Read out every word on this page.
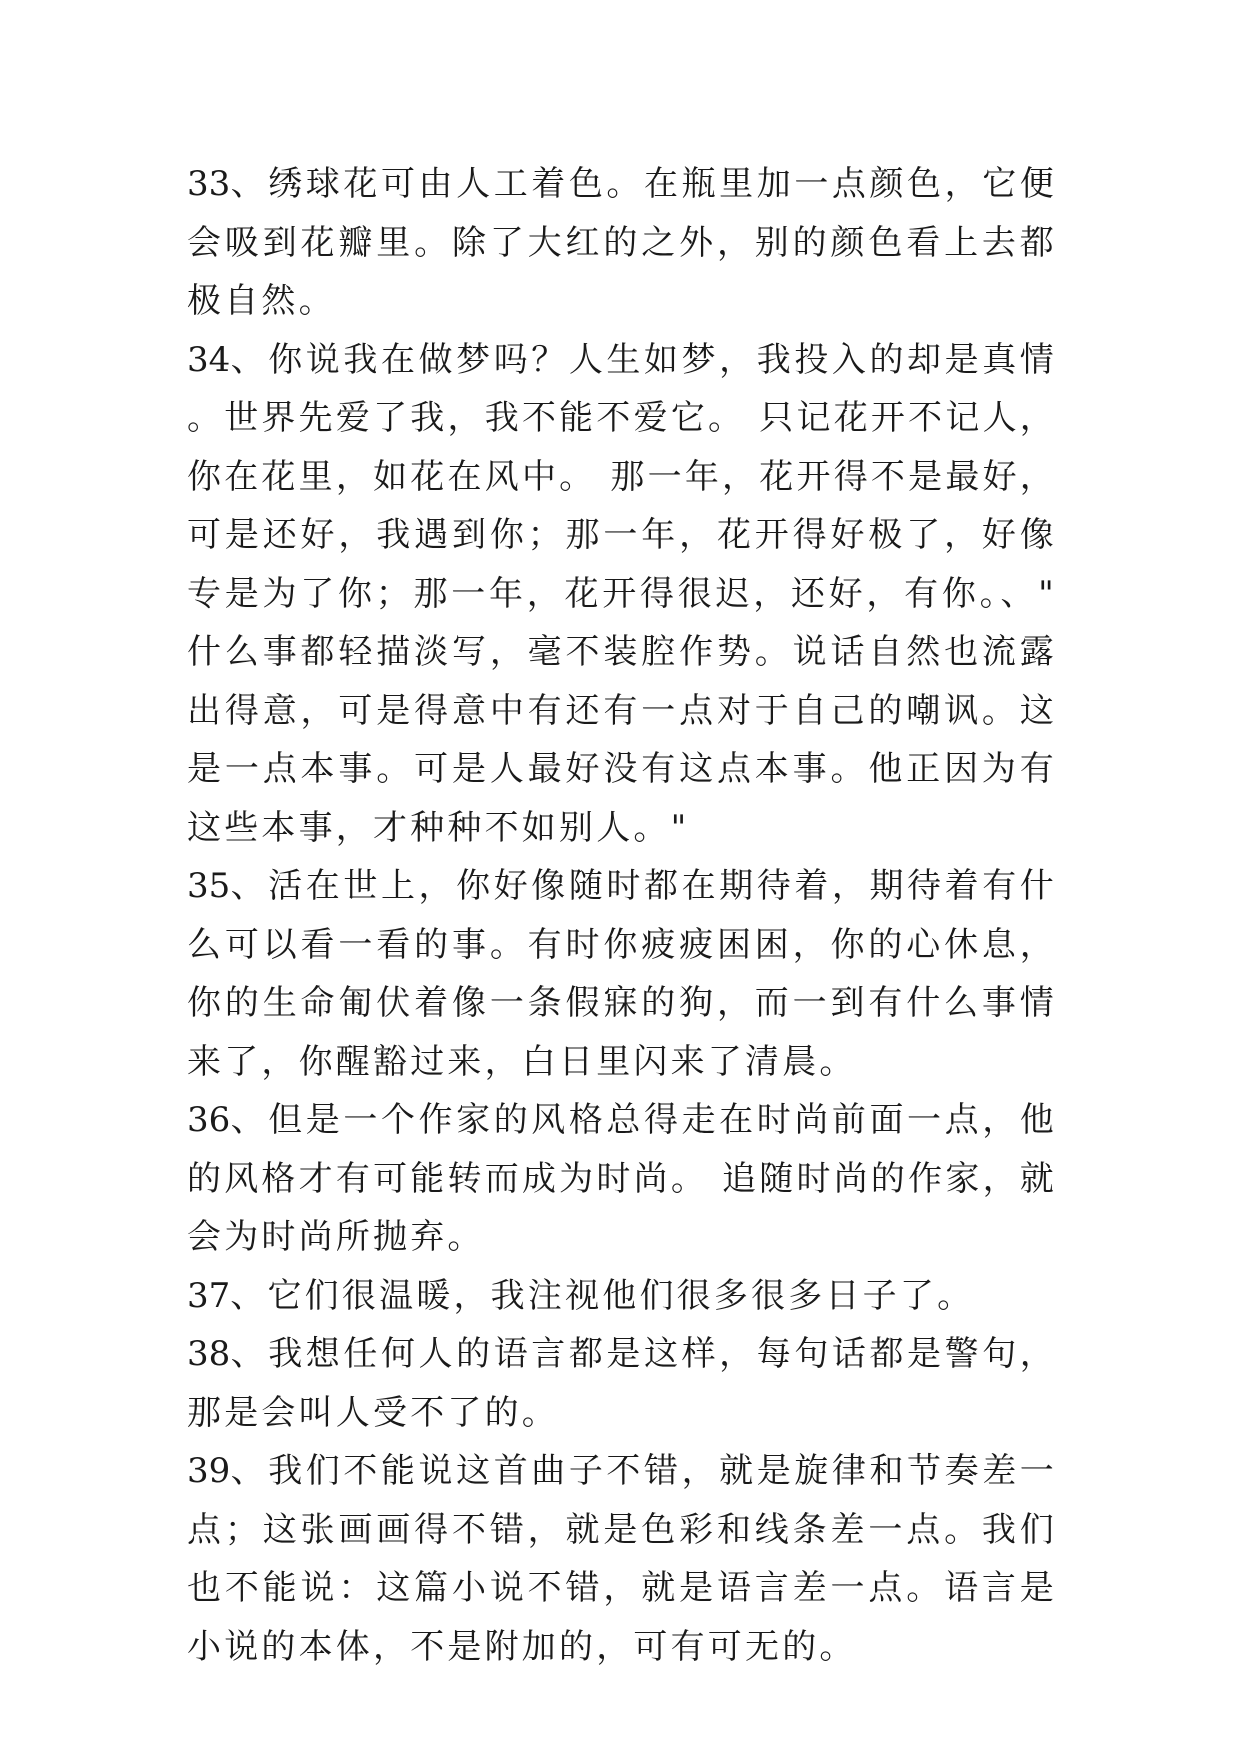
33、绣球花可由人工着色。在瓶里加一点颜色，它便会吸到花瓣里。除了大红的之外，别的颜色看上去都极自然。

34、你说我在做梦吗？人生如梦，我投入的却是真情。世界先爱了我，我不能不爱它。 只记花开不记人，你在花里，如花在风中。 那一年，花开得不是最好，可是还好，我遇到你；那一年，花开得好极了，好像专是为了你；那一年，花开得很迟，还好，有你。、"什么事都轻描淡写，毫不装腔作势。说话自然也流露出得意，可是得意中有还有一点对于自己的嘲讽。这是一点本事。可是人最好没有这点本事。他正因为有这些本事，才种种不如别人。"

35、活在世上，你好像随时都在期待着，期待着有什么可以看一看的事。有时你疲疲困困，你的心休息，你的生命匍伏着像一条假寐的狗，而一到有什么事情来了，你醒豁过来，白日里闪来了清晨。

36、但是一个作家的风格总得走在时尚前面一点，他的风格才有可能转而成为时尚。 追随时尚的作家，就会为时尚所抛弃。

37、它们很温暖，我注视他们很多很多日子了。

38、我想任何人的语言都是这样，每句话都是警句，那是会叫人受不了的。

39、我们不能说这首曲子不错，就是旋律和节奏差一点；这张画画得不错，就是色彩和线条差一点。我们也不能说：这篇小说不错，就是语言差一点。语言是小说的本体，不是附加的，可有可无的。
